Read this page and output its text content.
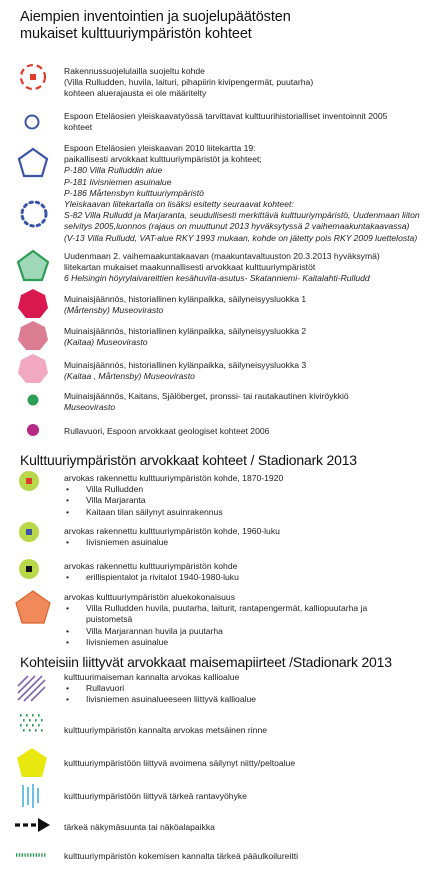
Aiempien inventointien ja suojelupäätösten
mukaiset kulttuuriympäristön kohteet
Rakennussuojelulailla suojeltu kohde
(Villa Rulludden, huvila, laituri, pihapiirin kivipengermät, puutarha)
kohteen aluerajausta ei ole määritelty
Espoon Eteläosien yleiskaavatyössä tarvittavat kulttuurihistorialliset inventoinnit 2005
kohteet
Espoon Eteläosien yleiskaavan 2010 liitekartta 19:
paikallisesti arvokkaat kulttuuriympäristöt ja kohteet;
P-180 Villa Rulluddin alue
P-181 Iivisniemen asuinalue
P-186 Mårtensbyn kulttuuriympäristö
Yleiskaavan liitekartalla on lisäksi esitetty seuraavat kohteet:
S-82 Villa Rulludd ja Marjaranta, seudullisesti merkittävä kulttuuriympäristö, Uudenmaan liiton
selvitys 2005,luonnos (rajaus on muuttunut 2013 hyväksytyssä 2 vaihemaakuntakaavassa)
(V-13 Villa Rulludd, VAT-alue RKY 1993 mukaan, kohde on jätetty pois RKY 2009 luettelosta)
Uudenmaan 2. vaihemaakuntakaavan (maakuntavaltuuston 20.3.2013 hyväksymä)
liitekartan mukaiset maakunnallisesti arvokkaat kulttuuriympäristöt
6 Helsingin höyrylaivareittien kesähuvila-asutus- Skatanniemi- Kaitalahti-Rulludd
Muinaisjäännös, historiallinen kylänpaikka, säilyneisyysluokka 1
(Mårtensby) Museovirasto
Muinaisjäännös, historiallinen kylänpaikka, säilyneisyysluokka 2
(Kaitaa) Museovirasto
Muinaisjäännös, historiallinen kylänpaikka, säilyneisyysluokka 3
(Kaitaa , Mårtensby) Museovirasto
Muinaisjäännös, Kaitans, Själöberget, pronssi- tai rautakautinen kiviröykkiö
Museovirasto
Rullavuori, Espoon arvokkaat geologiset kohteet 2006
Kulttuuriympäristön arvokkaat kohteet / Stadionark 2013
arvokas rakennettu kulttuuriympäristön kohde, 1870-1920
• Villa Rulludden
• Villa Marjaranta
• Kaitaan tilan säilynyt asuinrakennus
arvokas rakennettu kulttuuriympäristön kohde, 1960-luku
• Iivisniemen asuinalue
arvokas rakennettu kulttuuriympäristön kohde
• erillispientalot ja rivitalot 1940-1980-luku
arvokas kulttuuriympäristön aluekokonaisuus
• Villa Rulludden huvila, puutarha, laiturit, rantapengermät, kalliopuutarha ja
puistometsä
• Villa Marjarannan huvila ja puutarha
• Iivisniemen asuinalue
Kohteisiin liittyvät arvokkaat maisemapiirteet /Stadionark 2013
kulttuurimaiseman kannalta arvokas kallioalue
• Rullavuori
• Iivisniemen asuinalueeseen liittyvä kallioalue
kulttuuriympäristön kannalta arvokas metsäinen rinne
kulttuuriympäristöön liittyvä avoimena säilynyt niitty/peltoalue
kulttuuriympäristöön liittyvä tärkeä rantavyöhyke
tärkeä näkymäsuunta tai näköalapaikka
kulttuuriympäristön kokemisen kannalta tärkeä pääulkoilureitti
